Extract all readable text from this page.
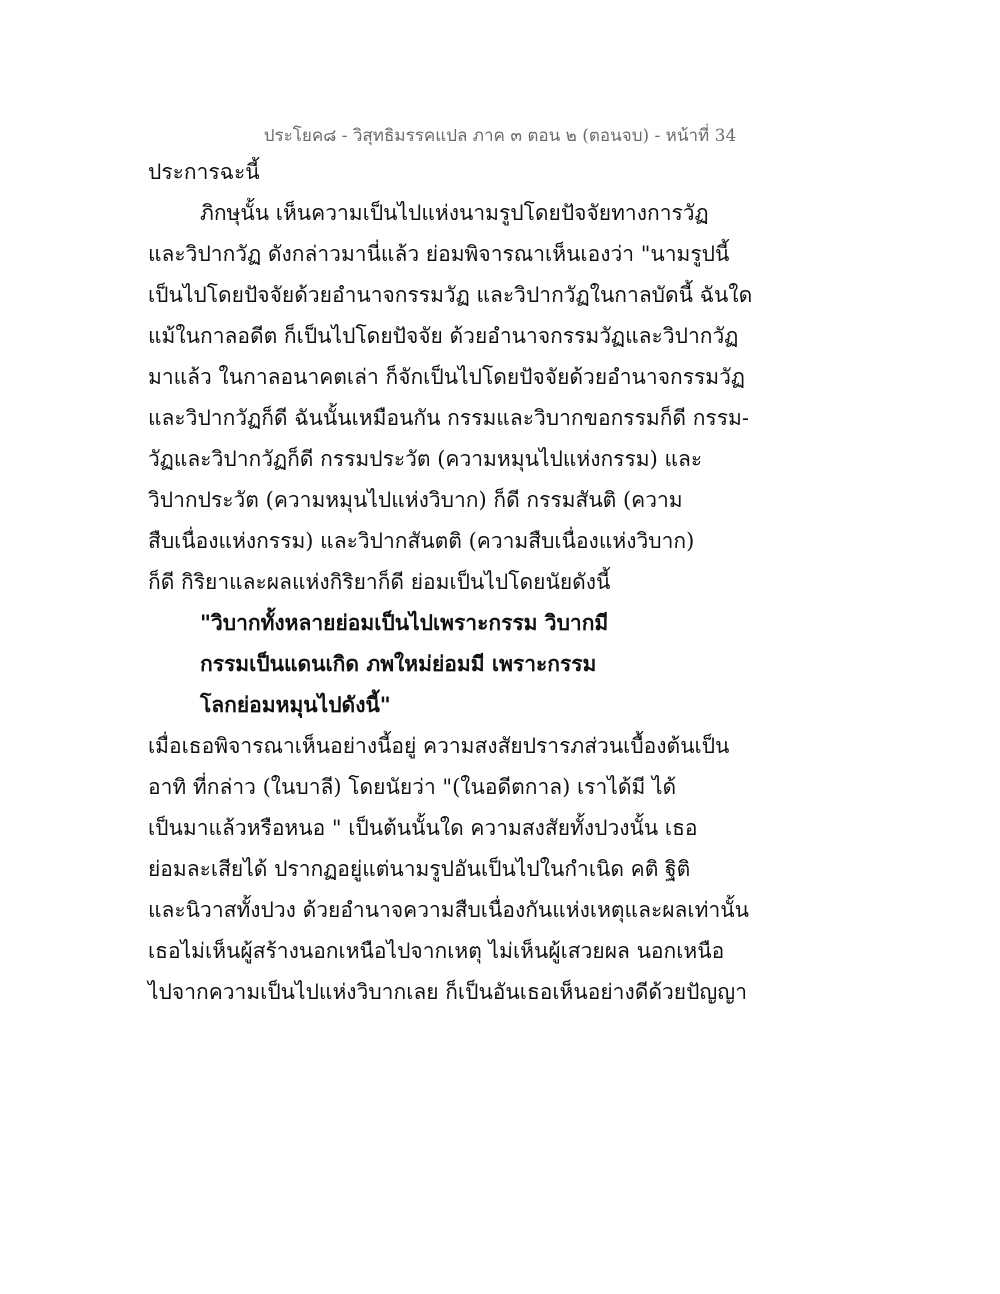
ประโยค๘ - วิสุทธิมรรคแปล ภาค ๓ ตอน ๒ (ตอนจบ) - หน้าที่ 34
ประการฉะนี้
ภิกษุนั้น เห็นความเป็นไปแห่งนามรูปโดยปัจจัยทางการวัฏ
และวิปากวัฏ ดังกล่าวมานี่แล้ว ย่อมพิจารณาเห็นเองว่า "นามรูปนี้
เป็นไปโดยปัจจัยด้วยอำนาจกรรมวัฏ และวิปากวัฏในกาลบัดนี้ ฉันใด
แม้ในกาลอดีต ก็เป็นไปโดยปัจจัย ด้วยอำนาจกรรมวัฏและวิปากวัฏ
มาแล้ว ในกาลอนาคตเล่า ก็จักเป็นไปโดยปัจจัยด้วยอำนาจกรรมวัฏ
และวิปากวัฏก็ดี ฉันนั้นเหมือนกัน กรรมและวิบากขอกรรมก็ดี กรรม-
วัฏและวิปากวัฏก็ดี กรรมประวัต (ความหมุนไปแห่งกรรม) และ
วิปากประวัต (ความหมุนไปแห่งวิบาก) ก็ดี กรรมสันติ (ความ
สืบเนื่องแห่งกรรม) และวิปากสันตติ (ความสืบเนื่องแห่งวิบาก)
ก็ดี กิริยาและผลแห่งกิริยาก็ดี ย่อมเป็นไปโดยนัยดังนี้
"วิบากทั้งหลายย่อมเป็นไปเพราะกรรม วิบากมี
กรรมเป็นแดนเกิด ภพใหม่ย่อมมี เพราะกรรม
โลกย่อมหมุนไปดังนี้"
เมื่อเธอพิจารณาเห็นอย่างนี้อยู่ ความสงสัยปรารภส่วนเบื้องต้นเป็น
อาทิ ที่กล่าว (ในบาลี) โดยนัยว่า "(ในอดีตกาล) เราได้มี ได้
เป็นมาแล้วหรือหนอ " เป็นต้นนั้นใด ความสงสัยทั้งปวงนั้น เธอ
ย่อมละเสียได้ ปรากฏอยู่แต่นามรูปอันเป็นไปในกำเนิด คติ ฐิติ
และนิวาสทั้งปวง ด้วยอำนาจความสืบเนื่องกันแห่งเหตุและผลเท่านั้น
เธอไม่เห็นผู้สร้างนอกเหนือไปจากเหตุ ไม่เห็นผู้เสวยผล นอกเหนือ
ไปจากความเป็นไปแห่งวิบากเลย ก็เป็นอันเธอเห็นอย่างดีด้วยปัญญา
